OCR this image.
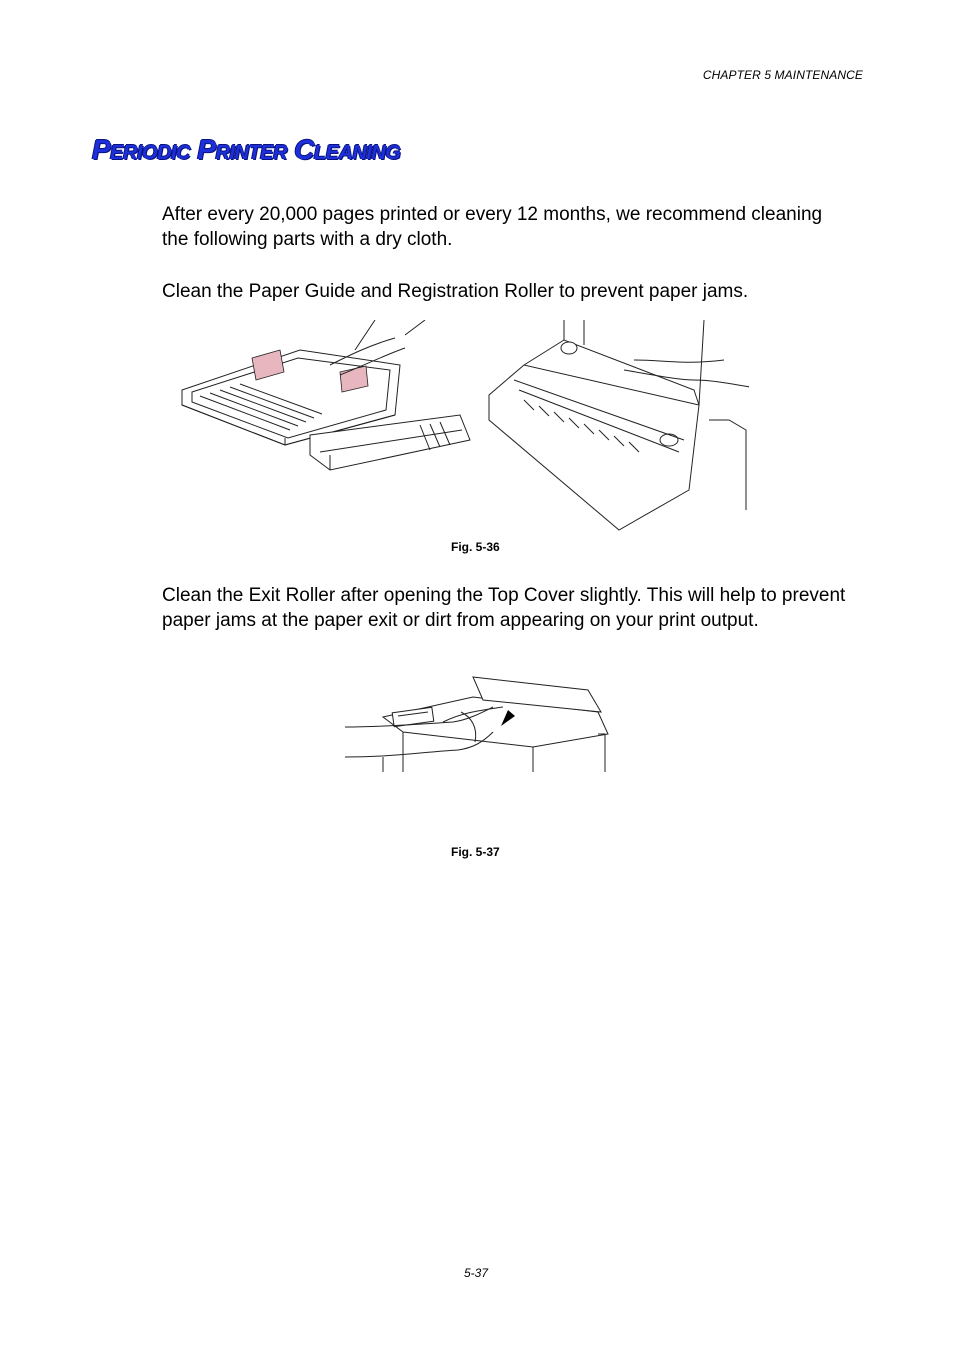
CHAPTER 5 MAINTENANCE
Periodic Printer Cleaning
After every 20,000 pages printed or every 12 months, we recommend cleaning the following parts with a dry cloth.
Clean the Paper Guide and Registration Roller to prevent paper jams.
Fig. 5-36
Clean the Exit Roller after opening the Top Cover slightly. This will help to prevent paper jams at the paper exit or dirt from appearing on your print output.
Fig. 5-37
5-37
